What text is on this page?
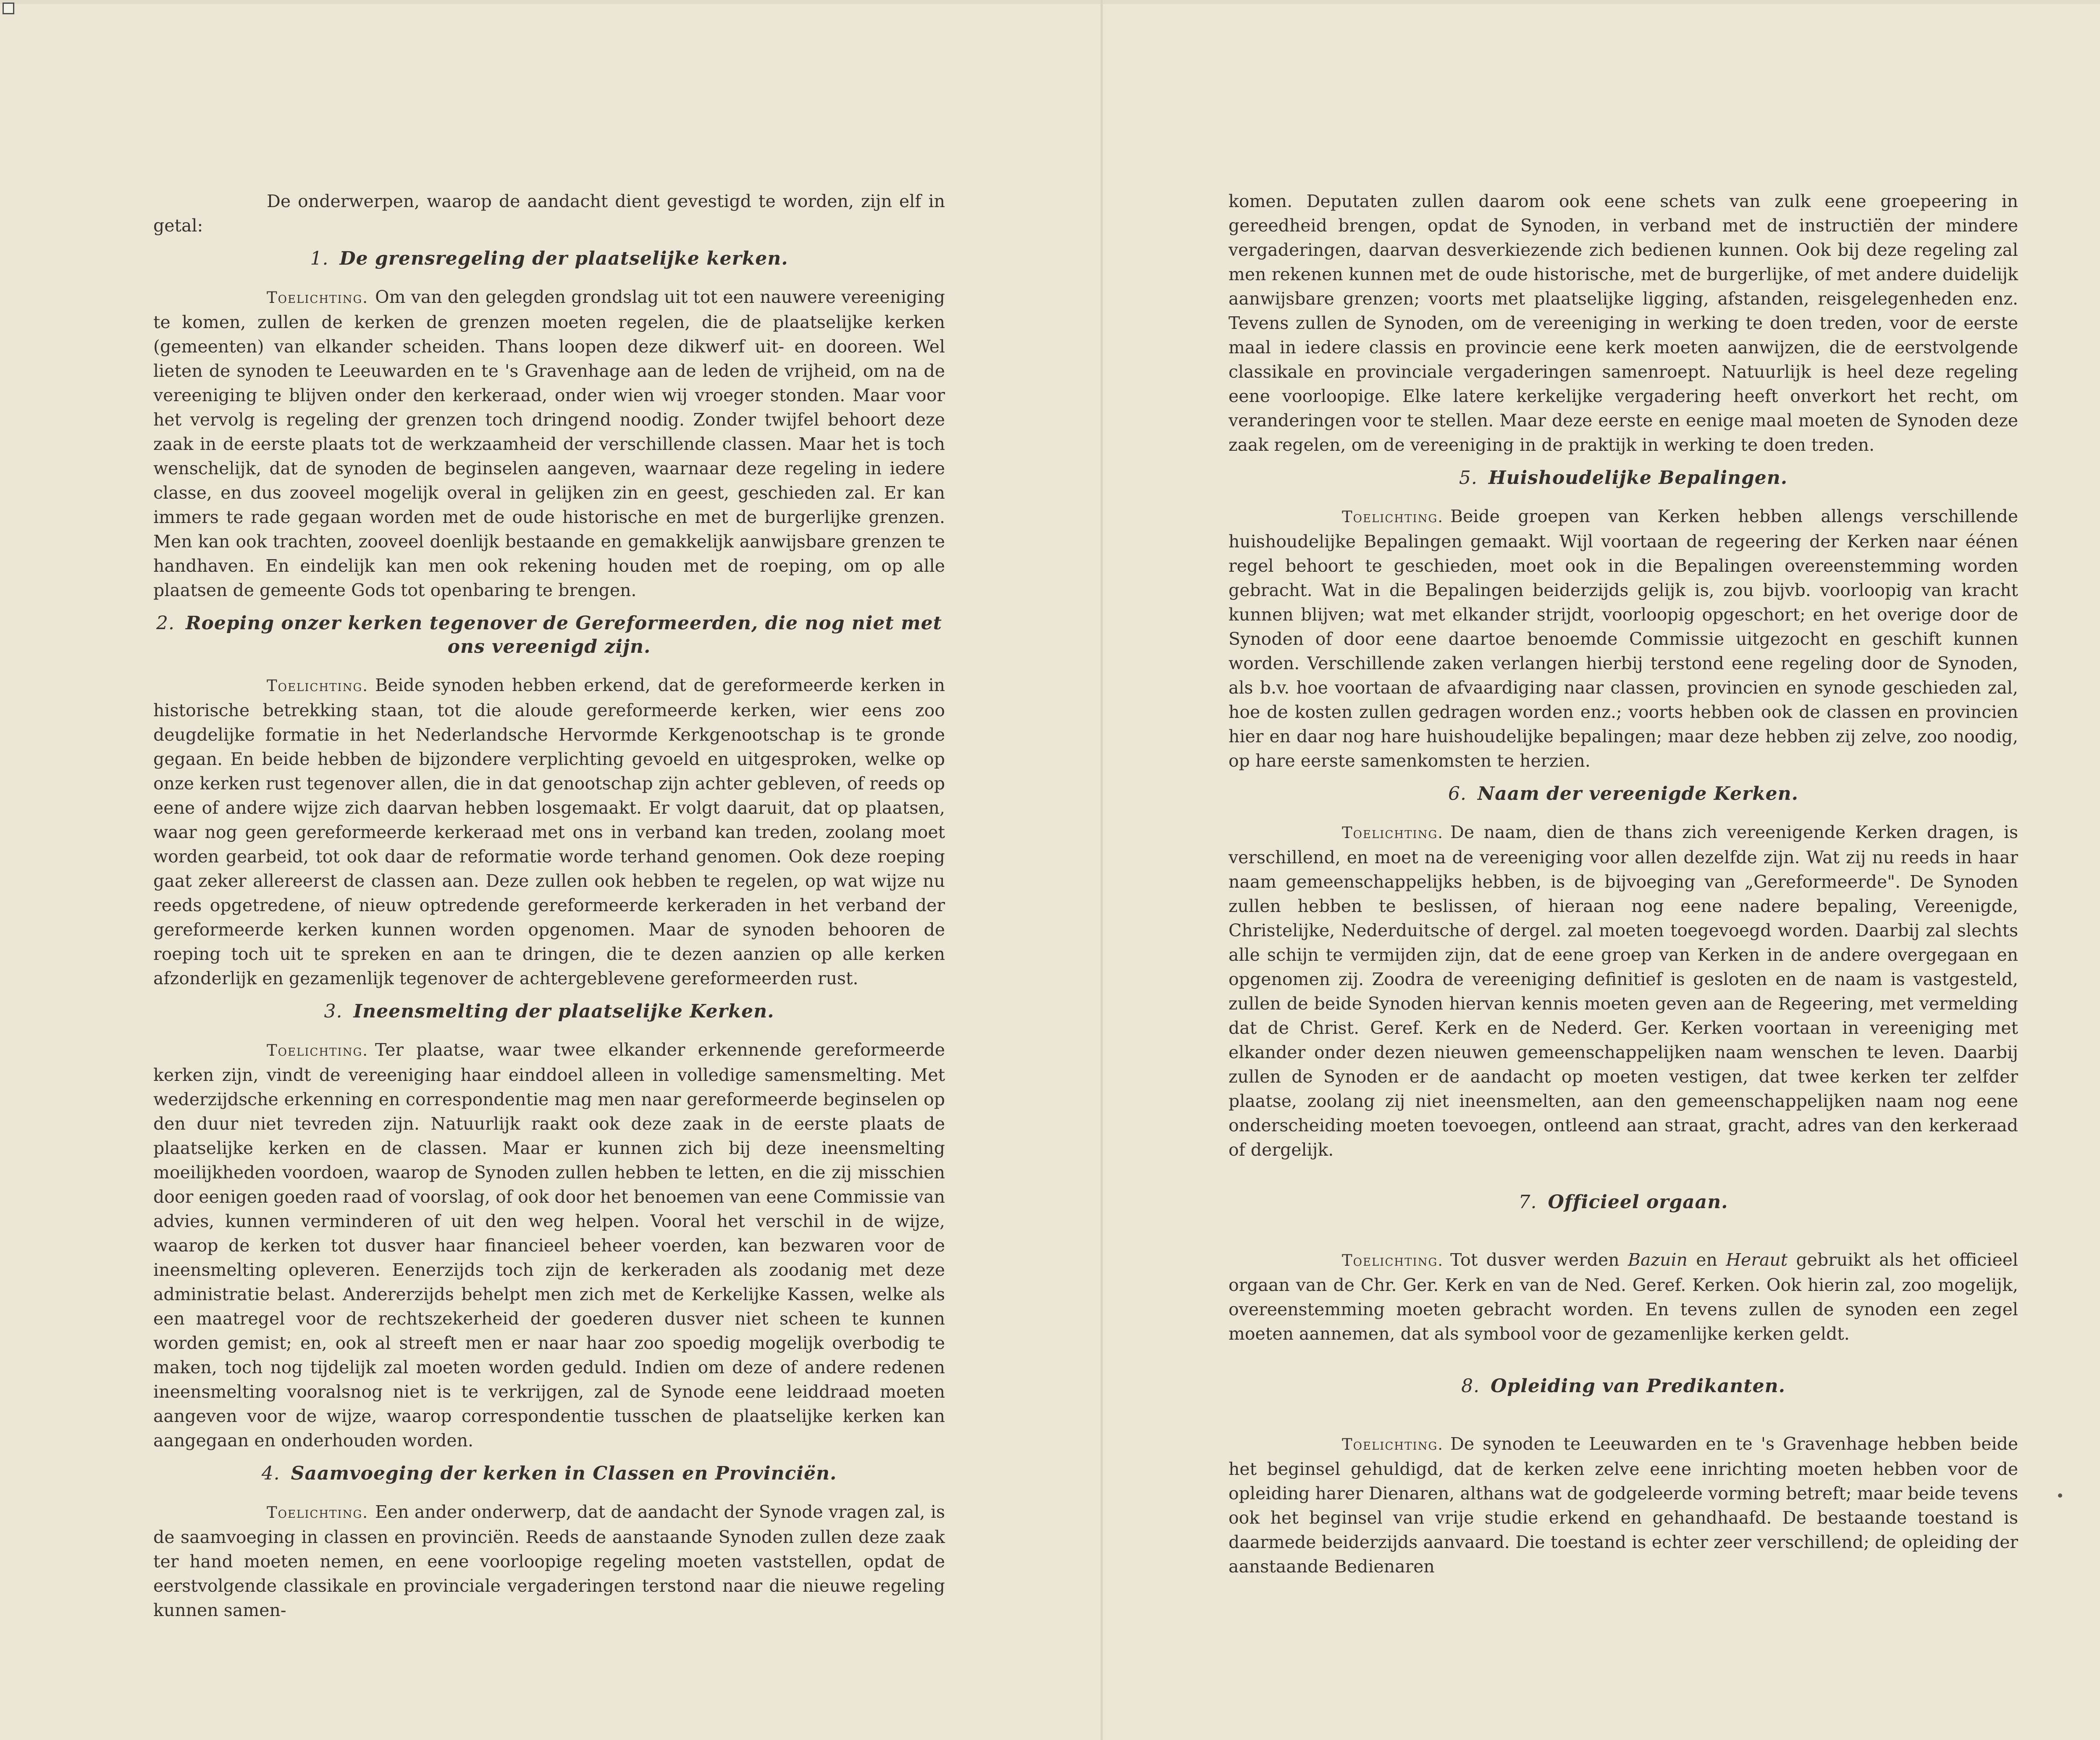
De onderwerpen, waarop de aandacht dient gevestigd te worden, zijn elf in getal:

1. De grensregeling der plaatselijke kerken.

Toelichting. Om van den gelegden grondslag uit tot een nauwere vereeniging te komen, zullen de kerken de grenzen moeten regelen, die de plaatselijke kerken (gemeenten) van elkander scheiden. Thans loopen deze dikwerf uit- en dooreen. Wel lieten de synoden te Leeuwarden en te 's Gravenhage aan de leden de vrijheid, om na de vereeniging te blijven onder den kerkeraad, onder wien wij vroeger stonden. Maar voor het vervolg is regeling der grenzen toch dringend noodig. Zonder twijfel behoort deze zaak in de eerste plaats tot de werkzaamheid der verschillende classen. Maar het is toch wenschelijk, dat de synoden de beginselen aangeven, waarnaar deze regeling in iedere classe, en dus zooveel mogelijk overal in gelijken zin en geest, geschieden zal. Er kan immers te rade gegaan worden met de oude historische en met de burgerlijke grenzen. Men kan ook trachten, zooveel doenlijk bestaande en gemakkelijk aanwijsbare grenzen te handhaven. En eindelijk kan men ook rekening houden met de roeping, om op alle plaatsen de gemeente Gods tot openbaring te brengen.

2. Roeping onzer kerken tegenover de Gereformeerden, die nog niet met ons vereenigd zijn.

Toelichting. Beide synoden hebben erkend, dat de gereformeerde kerken in historische betrekking staan, tot die aloude gereformeerde kerken, wier eens zoo deugdelijke formatie in het Nederlandsche Hervormde Kerkgenootschap is te gronde gegaan. En beide hebben de bijzondere verplichting gevoeld en uitgesproken, welke op onze kerken rust tegenover allen, die in dat genootschap zijn achter gebleven, of reeds op eene of andere wijze zich daarvan hebben losgemaakt. Er volgt daaruit, dat op plaatsen, waar nog geen gereformeerde kerkeraad met ons in verband kan treden, zoolang moet worden gearbeid, tot ook daar de reformatie worde terhand genomen. Ook deze roeping gaat zeker allereerst de classen aan. Deze zullen ook hebben te regelen, op wat wijze nu reeds opgetredene, of nieuw optredende gereformeerde kerkeraden in het verband der gereformeerde kerken kunnen worden opgenomen. Maar de synoden behooren de roeping toch uit te spreken en aan te dringen, die te dezen aanzien op alle kerken afzonderlijk en gezamenlijk tegenover de achtergeblevene gereformeerden rust.

3. Ineensmelting der plaatselijke Kerken.

Toelichting. Ter plaatse, waar twee elkander erkennende gereformeerde kerken zijn, vindt de vereeniging haar einddoel alleen in volledige samensmelting. Met wederzijdsche erkenning en correspondentie mag men naar gereformeerde beginselen op den duur niet tevreden zijn. Natuurlijk raakt ook deze zaak in de eerste plaats de plaatselijke kerken en de classen. Maar er kunnen zich bij deze ineensmelting moeilijkheden voordoen, waarop de Synoden zullen hebben te letten, en die zij misschien door eenigen goeden raad of voorslag, of ook door het benoemen van eene Commissie van advies, kunnen verminderen of uit den weg helpen. Vooral het verschil in de wijze, waarop de kerken tot dusver haar financieel beheer voerden, kan bezwaren voor de ineensmelting opleveren. Eenerzijds toch zijn de kerkeraden als zoodanig met deze administratie belast. Andererzijds behelpt men zich met de Kerkelijke Kassen, welke als een maatregel voor de rechtszekerheid der goederen dusver niet scheen te kunnen worden gemist; en, ook al streeft men er naar haar zoo spoedig mogelijk overbodig te maken, toch nog tijdelijk zal moeten worden geduld. Indien om deze of andere redenen ineensmelting vooralsnog niet is te verkrijgen, zal de Synode eene leiddraad moeten aangeven voor de wijze, waarop correspondentie tusschen de plaatselijke kerken kan aangegaan en onderhouden worden.

4. Saamvoeging der kerken in Classen en Provinciën.

Toelichting. Een ander onderwerp, dat de aandacht der Synode vragen zal, is de saamvoeging in classen en provinciën. Reeds de aanstaande Synoden zullen deze zaak ter hand moeten nemen, en eene voorloopige regeling moeten vaststellen, opdat de eerstvolgende classikale en provinciale vergaderingen terstond naar die nieuwe regeling kunnen samen-

komen. Deputaten zullen daarom ook eene schets van zulk eene groepeering in gereedheid brengen, opdat de Synoden, in verband met de instructiën der mindere vergaderingen, daarvan desverkiezende zich bedienen kunnen. Ook bij deze regeling zal men rekenen kunnen met de oude historische, met de burgerlijke, of met andere duidelijk aanwijsbare grenzen; voorts met plaatselijke ligging, afstanden, reisgelegenheden enz. Tevens zullen de Synoden, om de vereeniging in werking te doen treden, voor de eerste maal in iedere classis en provincie eene kerk moeten aanwijzen, die de eerstvolgende classikale en provinciale vergaderingen samenroept. Natuurlijk is heel deze regeling eene voorloopige. Elke latere kerkelijke vergadering heeft onverkort het recht, om veranderingen voor te stellen. Maar deze eerste en eenige maal moeten de Synoden deze zaak regelen, om de vereeniging in de praktijk in werking te doen treden.

5. Huishoudelijke Bepalingen.

Toelichting. Beide groepen van Kerken hebben allengs verschillende huishoudelijke Bepalingen gemaakt. Wijl voortaan de regeering der Kerken naar éénen regel behoort te geschieden, moet ook in die Bepalingen overeenstemming worden gebracht. Wat in die Bepalingen beiderzijds gelijk is, zou bijvb. voorloopig van kracht kunnen blijven; wat met elkander strijdt, voorloopig opgeschort; en het overige door de Synoden of door eene daartoe benoemde Commissie uitgezocht en geschift kunnen worden. Verschillende zaken verlangen hierbij terstond eene regeling door de Synoden, als b.v. hoe voortaan de afvaardiging naar classen, provincien en synode geschieden zal, hoe de kosten zullen gedragen worden enz.; voorts hebben ook de classen en provincien hier en daar nog hare huishoudelijke bepalingen; maar deze hebben zij zelve, zoo noodig, op hare eerste samenkomsten te herzien.

6. Naam der vereenigde Kerken.

Toelichting. De naam, dien de thans zich vereenigende Kerken dragen, is verschillend, en moet na de vereeniging voor allen dezelfde zijn. Wat zij nu reeds in haar naam gemeenschappelijks hebben, is de bijvoeging van „Gereformeerde". De Synoden zullen hebben te beslissen, of hieraan nog eene nadere bepaling, Vereenigde, Christelijke, Nederduitsche of dergel. zal moeten toegevoegd worden. Daarbij zal slechts alle schijn te vermijden zijn, dat de eene groep van Kerken in de andere overgegaan en opgenomen zij. Zoodra de vereeniging definitief is gesloten en de naam is vastgesteld, zullen de beide Synoden hiervan kennis moeten geven aan de Regeering, met vermelding dat de Christ. Geref. Kerk en de Nederd. Ger. Kerken voortaan in vereeniging met elkander onder dezen nieuwen gemeenschappelijken naam wenschen te leven. Daarbij zullen de Synoden er de aandacht op moeten vestigen, dat twee kerken ter zelfder plaatse, zoolang zij niet ineensmelten, aan den gemeenschappelijken naam nog eene onderscheiding moeten toevoegen, ontleend aan straat, gracht, adres van den kerkeraad of dergelijk.

7. Officieel orgaan.

Toelichting. Tot dusver werden Bazuin en Heraut gebruikt als het officieel orgaan van de Chr. Ger. Kerk en van de Ned. Geref. Kerken. Ook hierin zal, zoo mogelijk, overeenstemming moeten gebracht worden. En tevens zullen de synoden een zegel moeten aannemen, dat als symbool voor de gezamenlijke kerken geldt.

8. Opleiding van Predikanten.

Toelichting. De synoden te Leeuwarden en te 's Gravenhage hebben beide het beginsel gehuldigd, dat de kerken zelve eene inrichting moeten hebben voor de opleiding harer Dienaren, althans wat de godgeleerde vorming betreft; maar beide tevens ook het beginsel van vrije studie erkend en gehandhaafd. De bestaande toestand is daarmede beiderzijds aanvaard. Die toestand is echter zeer verschillend; de opleiding der aanstaande Bedienaren
